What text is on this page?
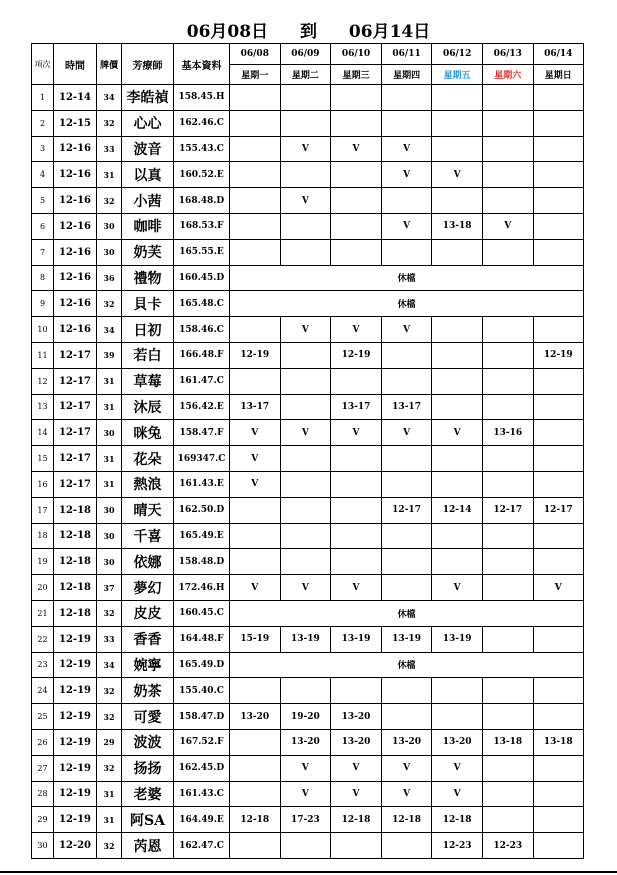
06月08日 到 06月14日
項次	時間	牌價	芳療師	基本資料	06/08	06/09	06/10	06/11	06/12	06/13	06/14
					星期一	星期二	星期三	星期四	星期五	星期六	星期日
1	12-14	34	李皓禎	158.45.H							
2	12-15	32	心心	162.46.C							
3	12-16	33	波音	155.43.C		V	V	V			
4	12-16	31	以真	160.52.E				V	V		
5	12-16	32	小茜	168.48.D		V					
6	12-16	30	咖啡	168.53.F				V	13-18	V	
7	12-16	30	奶芙	165.55.E							
8	12-16	36	禮物	160.45.D	休檔						
9	12-16	32	貝卡	165.48.C	休檔						
10	12-16	34	日初	158.46.C		V	V	V			
11	12-17	39	若白	166.48.F	12-19		12-19				12-19
12	12-17	31	草莓	161.47.C							
13	12-17	31	沐辰	156.42.E	13-17		13-17	13-17			
14	12-17	30	咪兔	158.47.F	V	V	V	V	V	13-16	
15	12-17	31	花朵	169347.C	V						
16	12-17	31	熱浪	161.43.E	V						
17	12-18	30	晴天	162.50.D				12-17	12-14	12-17	12-17
18	12-18	30	千喜	165.49.E							
19	12-18	30	依娜	158.48.D							
20	12-18	37	夢幻	172.46.H	V	V	V		V		V
21	12-18	32	皮皮	160.45.C	休檔						
22	12-19	33	香香	164.48.F	15-19	13-19	13-19	13-19	13-19		
23	12-19	34	婉寧	165.49.D	休檔						
24	12-19	32	奶茶	155.40.C							
25	12-19	32	可愛	158.47.D	13-20	19-20	13-20				
26	12-19	29	波波	167.52.F		13-20	13-20	13-20	13-20	13-18	13-18
27	12-19	32	扬扬	162.45.D		V	V	V	V		
28	12-19	31	老婆	161.43.C		V	V	V	V		
29	12-19	31	阿SA	164.49.E	12-18	17-23	12-18	12-18	12-18		
30	12-20	32	芮恩	162.47.C					12-23	12-23	
